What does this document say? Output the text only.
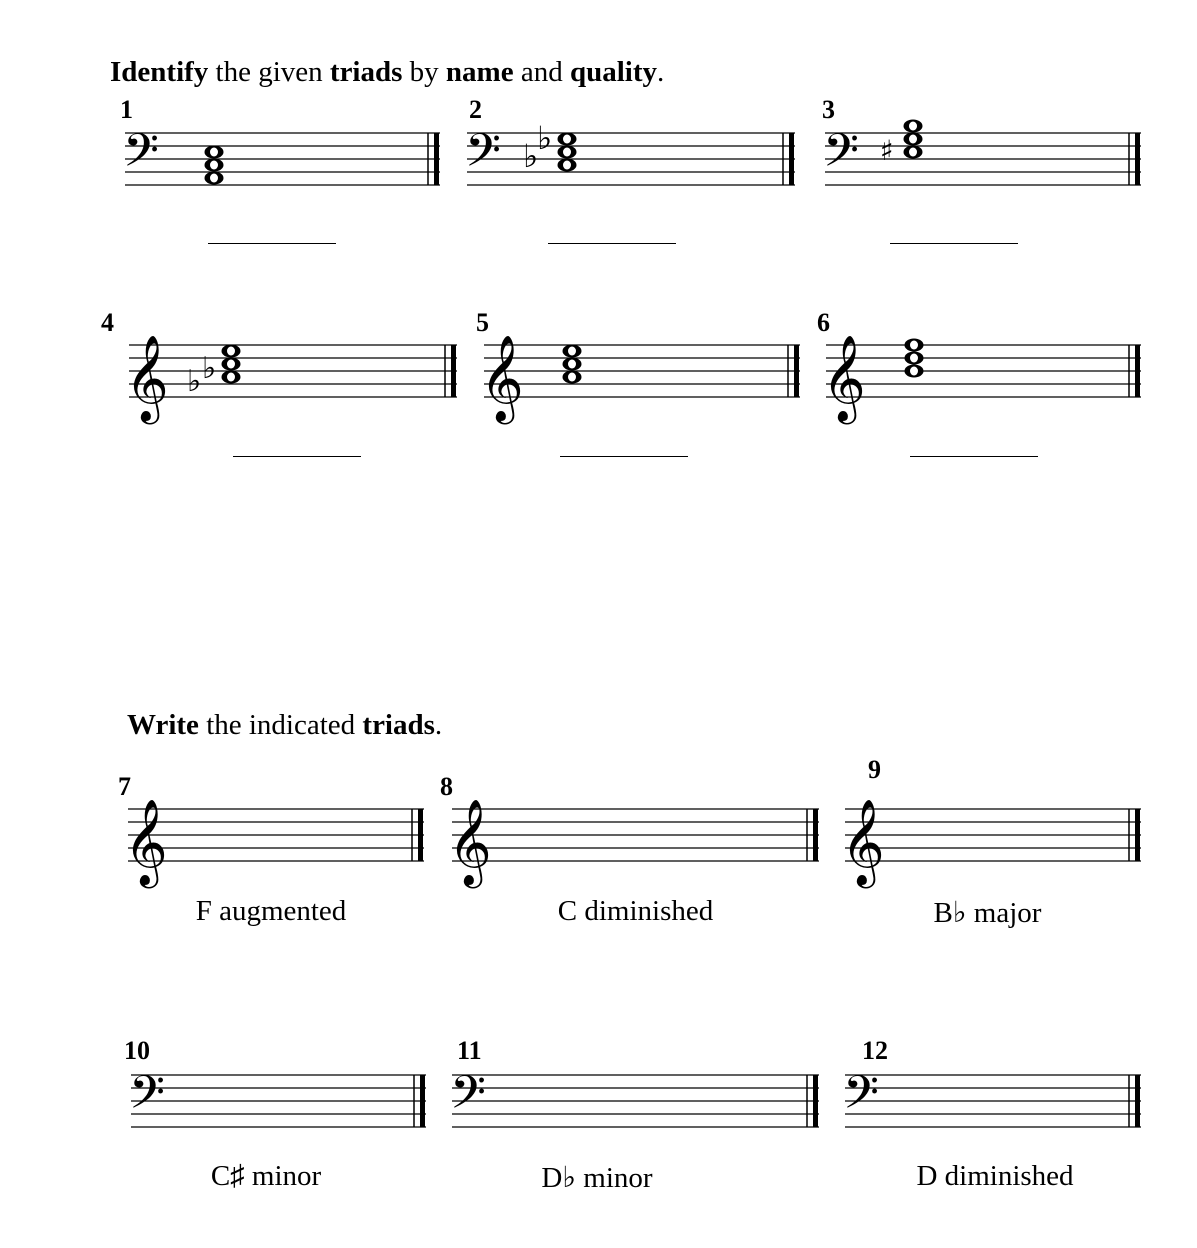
Identify the given triads by name and quality.
1
𝄢
2
𝄢 ♭
♭
3
𝄢 ♯
4
𝄞 ♭ ♭
5
𝄞
6
𝄞
Write the indicated triads.
7
𝄞
F augmented
8
𝄞
C diminished
9
𝄞
B♭ major
10
𝄢
C♯ minor
11
𝄢
D♭ minor
12
𝄢
D diminished
